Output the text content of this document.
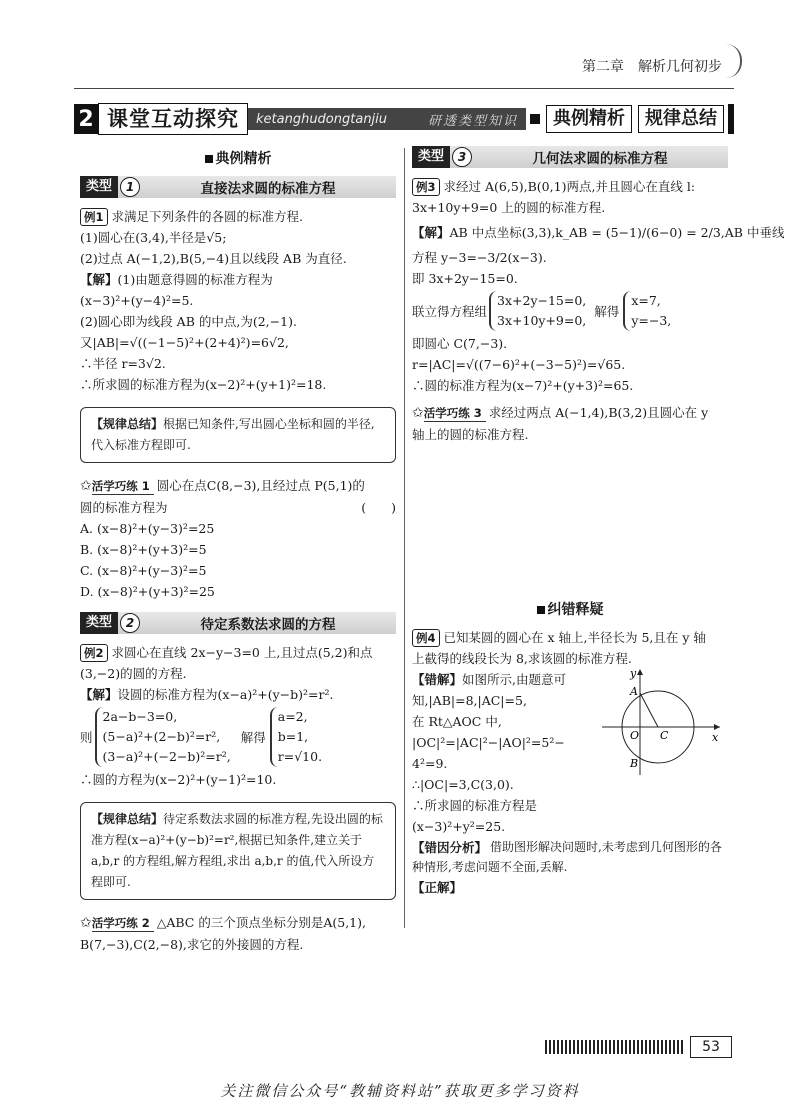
第二章　解析几何初步
2 课堂互动探究	ketanghudongtanjiu	研透类型知识	典例精析	规律总结
典例精析
类型	1	直接法求圆的标准方程

例1 求满足下列条件的各圆的标准方程.

(1)圆心在(3,4),半径是√5;

(2)过点 A(−1,2),B(5,−4)且以线段 AB 为直径.

【解】(1)由题意得圆的标准方程为

(x−3)²+(y−4)²=5.

(2)圆心即为线段 AB 的中点,为(2,−1).

又|AB|=√((−1−5)²+(2+4)²)=6√2,

∴半径 r=3√2.

∴所求圆的标准方程为(x−2)²+(y+1)²=18.

【规律总结】根据已知条件,写出圆心坐标和圆的半径,代入标准方程即可.

✩活学巧练 1 圆心在点C(8,−3),且经过点 P(5,1)的

圆的标准方程为	(　　)

A. (x−8)²+(y−3)²=25
B. (x−8)²+(y+3)²=5
C. (x−8)²+(y−3)²=5
D. (x−8)²+(y+3)²=25
类型	2	待定系数法求圆的方程

例2 求圆心在直线 2x−y−3=0 上,且过点(5,2)和点

(3,−2)的圆的方程.

【解】设圆的标准方程为(x−a)²+(y−b)²=r².

则
2a−b−3=0,
(5−a)²+(2−b)²=r²,
(3−a)²+(−2−b)²=r²,
解得
a=2,
b=1,
r=√10.

∴圆的方程为(x−2)²+(y−1)²=10.

【规律总结】待定系数法求圆的标准方程,先设出圆的标准方程(x−a)²+(y−b)²=r²,根据已知条件,建立关于 a,b,r 的方程组,解方程组,求出 a,b,r 的值,代入所设方程即可.

✩活学巧练 2 △ABC 的三个顶点坐标分别是A(5,1),

B(7,−3),C(2,−8),求它的外接圆的方程.

类型	3	几何法求圆的标准方程

例3 求经过 A(6,5),B(0,1)两点,并且圆心在直线 l:

3x+10y+9=0 上的圆的标准方程.

【解】AB 中点坐标(3,3),k_AB = (5−1)/(6−0) = 2/3,AB 中垂线

方程 y−3=−3/2(x−3).

即 3x+2y−15=0.

联立得方程组
3x+2y−15=0,
3x+10y+9=0,
解得
x=7,
y=−3,

即圆心 C(7,−3).

r=|AC|=√((7−6)²+(−3−5)²)=√65.

∴圆的标准方程为(x−7)²+(y+3)²=65.

✩活学巧练 3 求经过两点 A(−1,4),B(3,2)且圆心在 y

轴上的圆的标准方程.

纠错释疑

例4 已知某圆的圆心在 x 轴上,半径长为 5,且在 y 轴

上截得的线段长为 8,求该圆的标准方程.

【错解】如图所示,由题意可

知,|AB|=8,|AC|=5,

在 Rt△AOC 中,

|OC|²=|AC|²−|AO|²=5²−

4²=9.

∴|OC|=3,C(3,0).

∴所求圆的标准方程是

(x−3)²+y²=25.

y
x
A
B
O C

【错因分析】 借助图形解决问题时,未考虑到几何图形的各种情形,考虑问题不全面,丢解.

【正解】

53
关注微信公众号“教辅资料站”获取更多学习资料
